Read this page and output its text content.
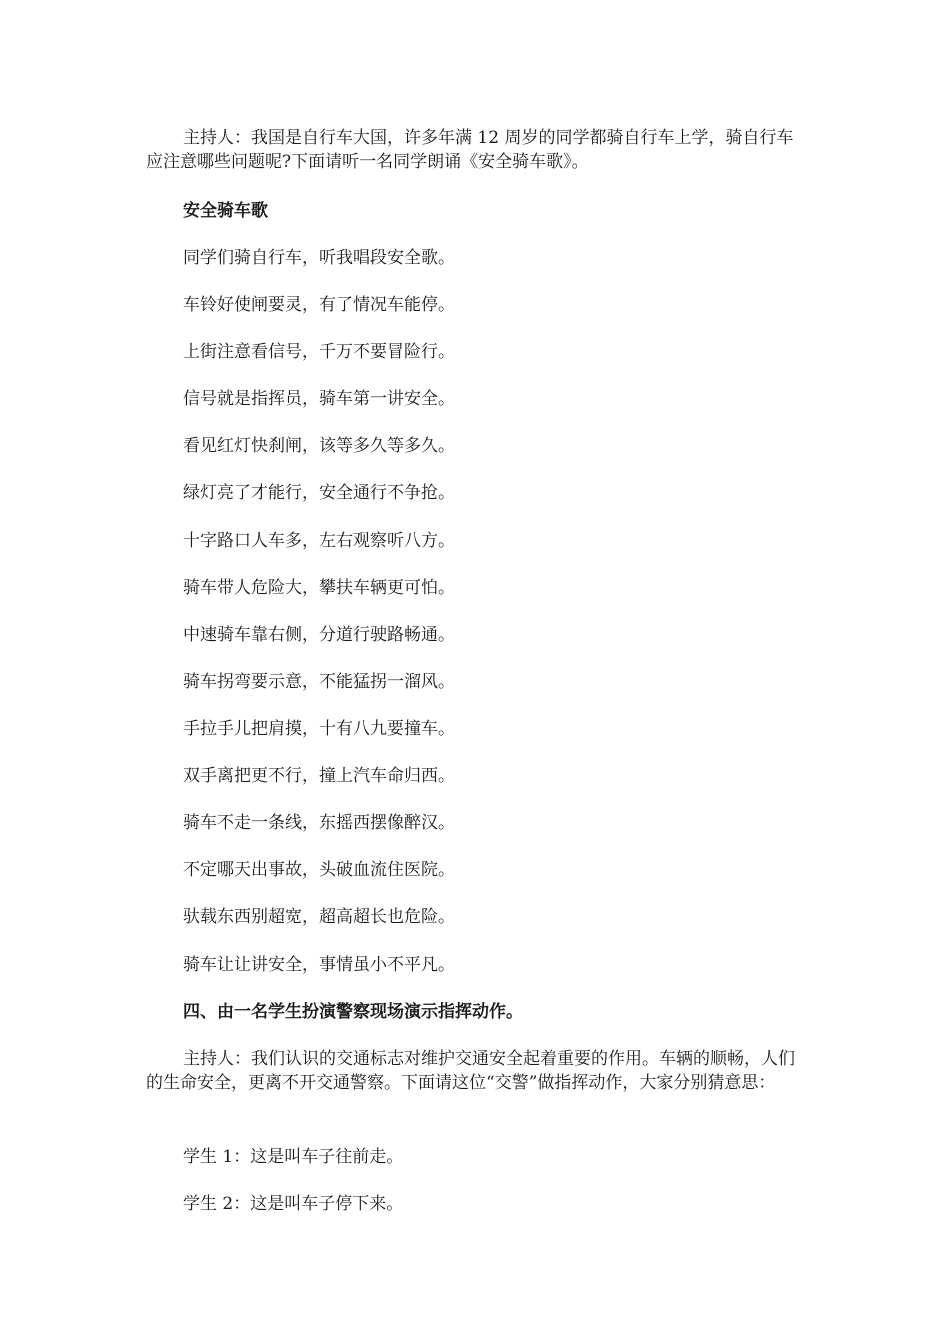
主持人：我国是自行车大国，许多年满 12 周岁的同学都骑自行车上学，骑自行车应注意哪些问题呢?下面请听一名同学朗诵《安全骑车歌》。

安全骑车歌

同学们骑自行车，听我唱段安全歌。

车铃好使闸要灵，有了情况车能停。

上街注意看信号，千万不要冒险行。

信号就是指挥员，骑车第一讲安全。

看见红灯快刹闸，该等多久等多久。

绿灯亮了才能行，安全通行不争抢。

十字路口人车多，左右观察听八方。

骑车带人危险大，攀扶车辆更可怕。

中速骑车靠右侧，分道行驶路畅通。

骑车拐弯要示意，不能猛拐一溜风。

手拉手儿把肩摸，十有八九要撞车。

双手离把更不行，撞上汽车命归西。

骑车不走一条线，东摇西摆像醉汉。

不定哪天出事故，头破血流住医院。

驮载东西别超宽，超高超长也危险。

骑车让让讲安全，事情虽小不平凡。

四、由一名学生扮演警察现场演示指挥动作。

主持人：我们认识的交通标志对维护交通安全起着重要的作用。车辆的顺畅，人们的生命安全，更离不开交通警察。下面请这位“交警”做指挥动作，大家分别猜意思：

学生 1：这是叫车子往前走。

学生 2：这是叫车子停下来。
